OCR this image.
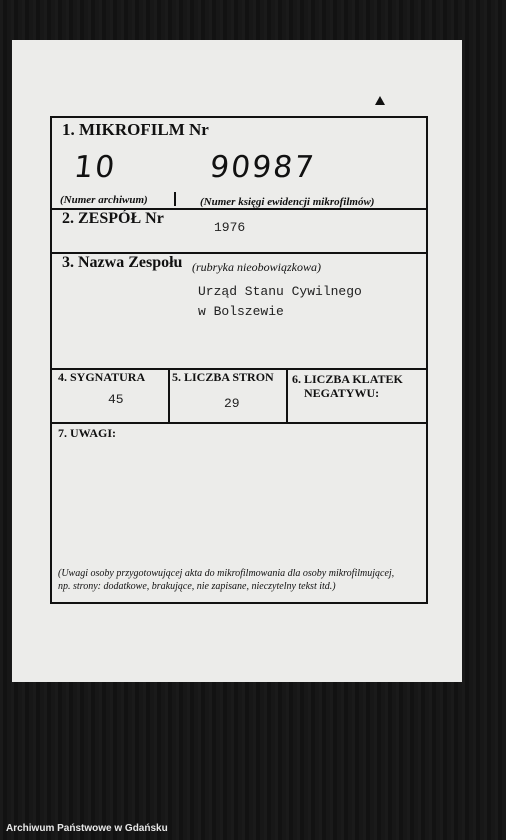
1. MIKROFILM Nr
10	90987
(Numer archiwum)	(Numer księgi ewidencji mikrofilmów)
2. ZESPÓŁ Nr
1976
3. Nazwa Zespołu (rubryka nieobowiązkowa)
Urząd Stanu Cywilnego
w Bolszewie
4. SYGNATURA
45
5. LICZBA STRON
29
6. LICZBA KLATEK
NEGATYWU:
7. UWAGI:
(Uwagi osoby przygotowującej akta do mikrofilmowania dla osoby mikrofilmującej,
np. strony: dodatkowe, brakujące, nie zapisane, nieczytelny tekst itd.)
Archiwum Państwowe w Gdańsku
